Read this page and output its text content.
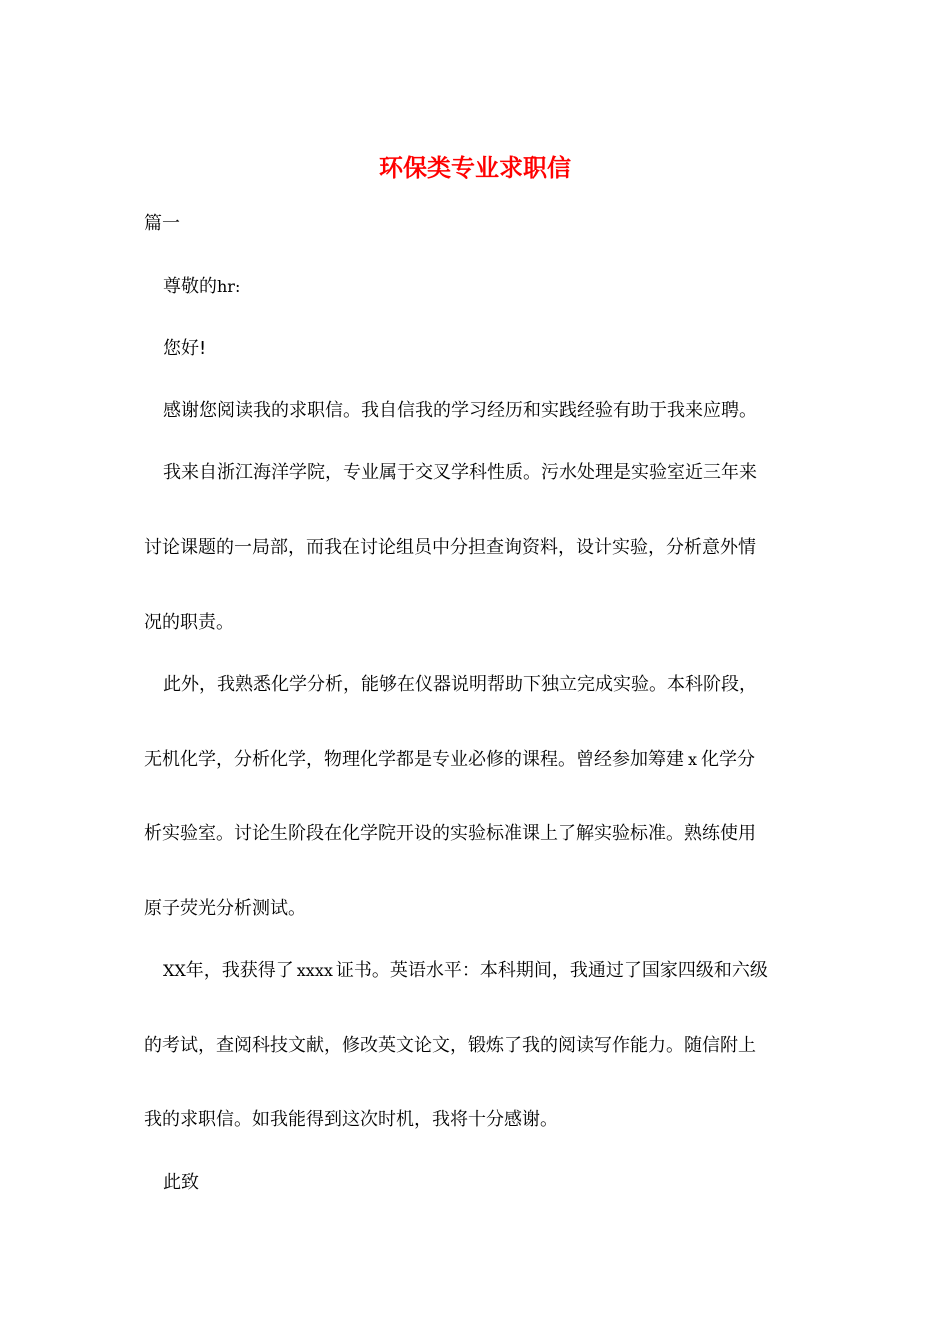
环保类专业求职信
篇一
尊敬的hr:
您好!
感谢您阅读我的求职信。我自信我的学习经历和实践经验有助于我来应聘。
我来自浙江海洋学院，专业属于交叉学科性质。污水处理是实验室近三年来
讨论课题的一局部，而我在讨论组员中分担查询资料，设计实验，分析意外情
况的职责。
此外，我熟悉化学分析，能够在仪器说明帮助下独立完成实验。本科阶段，
无机化学，分析化学，物理化学都是专业必修的课程。曾经参加筹建 x 化学分
析实验室。讨论生阶段在化学院开设的实验标准课上了解实验标准。熟练使用
原子荧光分析测试。
XX年，我获得了 xxxx 证书。英语水平：本科期间，我通过了国家四级和六级
的考试，查阅科技文献，修改英文论文，锻炼了我的阅读写作能力。随信附上
我的求职信。如我能得到这次时机，我将十分感谢。
此致
